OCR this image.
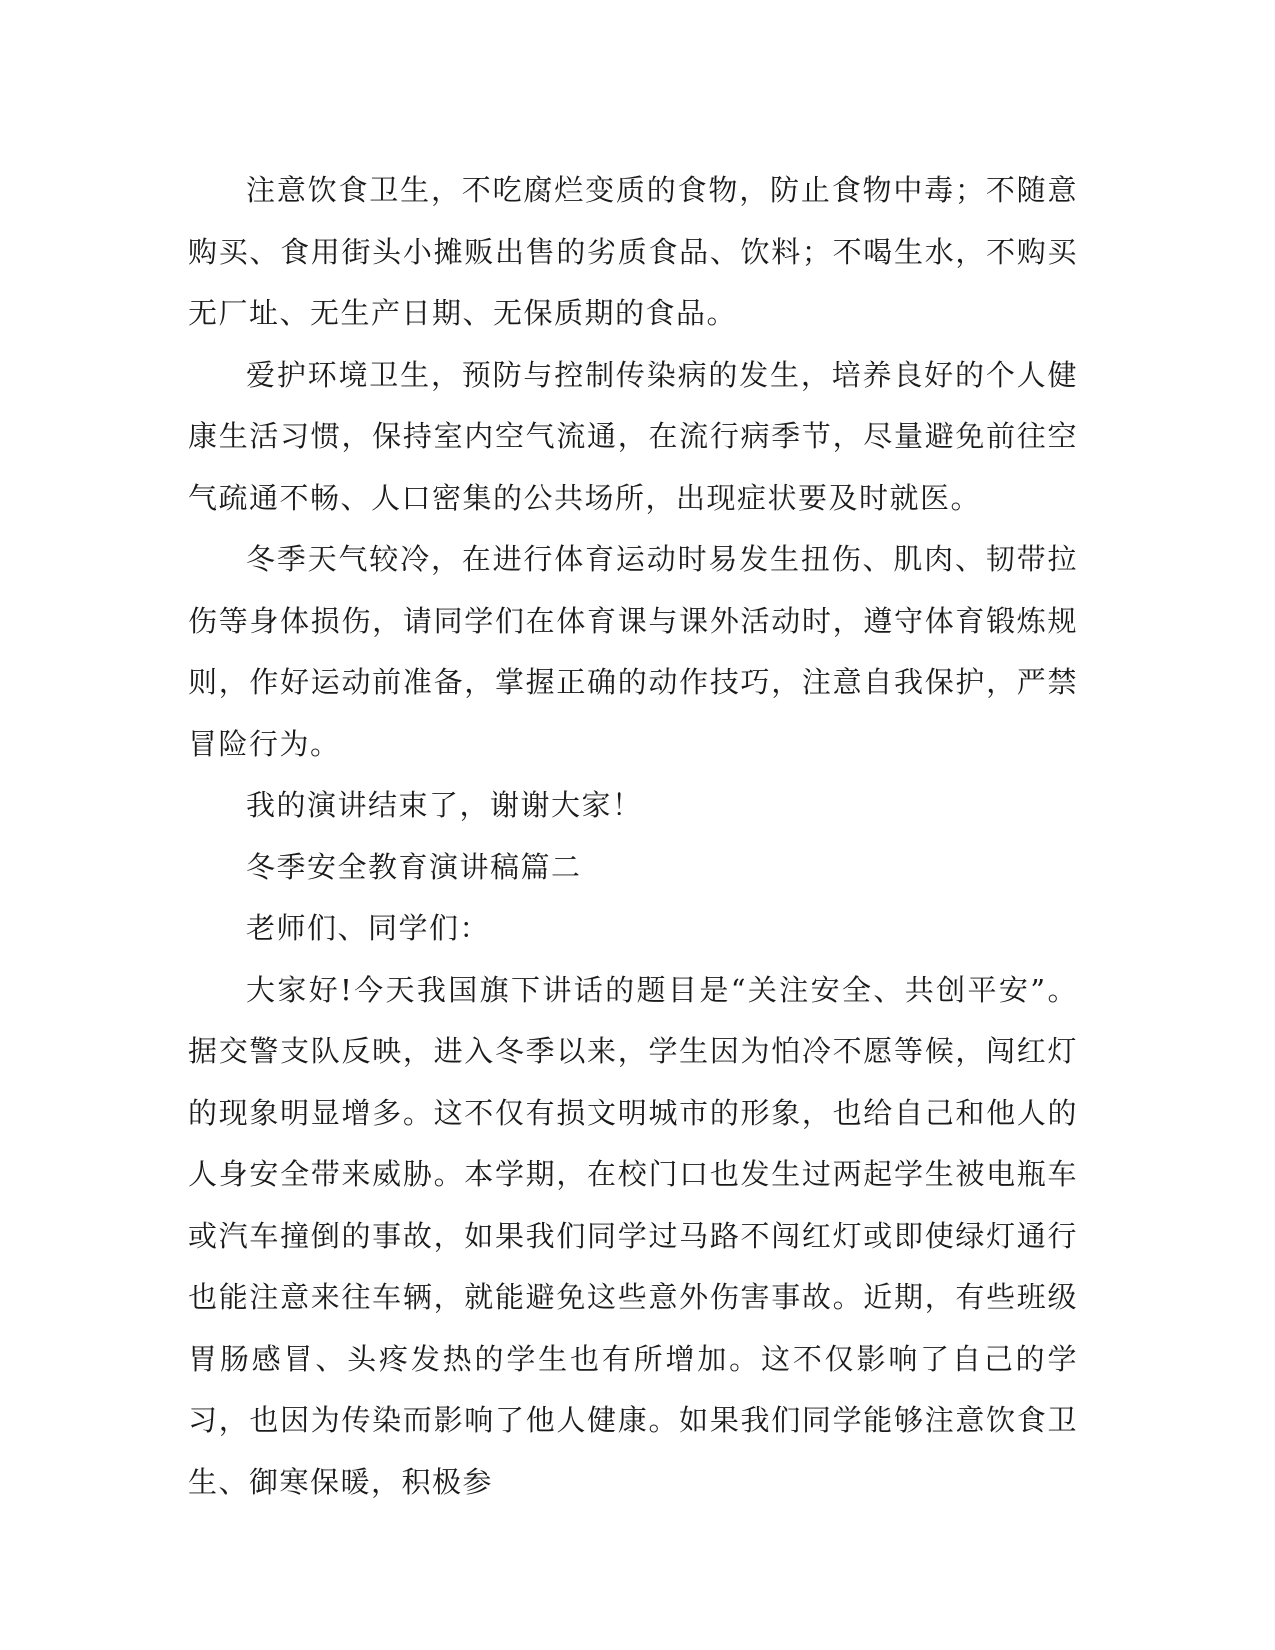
注意饮食卫生，不吃腐烂变质的食物，防止食物中毒；不随意购买、食用街头小摊贩出售的劣质食品、饮料；不喝生水，不购买无厂址、无生产日期、无保质期的食品。

爱护环境卫生，预防与控制传染病的发生，培养良好的个人健康生活习惯，保持室内空气流通，在流行病季节，尽量避免前往空气疏通不畅、人口密集的公共场所，出现症状要及时就医。

冬季天气较冷，在进行体育运动时易发生扭伤、肌肉、韧带拉伤等身体损伤，请同学们在体育课与课外活动时，遵守体育锻炼规则，作好运动前准备，掌握正确的动作技巧，注意自我保护，严禁冒险行为。

我的演讲结束了，谢谢大家！

冬季安全教育演讲稿篇二

老师们、同学们：

大家好!今天我国旗下讲话的题目是“关注安全、共创平安”。据交警支队反映，进入冬季以来，学生因为怕冷不愿等候，闯红灯的现象明显增多。这不仅有损文明城市的形象，也给自己和他人的人身安全带来威胁。本学期，在校门口也发生过两起学生被电瓶车或汽车撞倒的事故，如果我们同学过马路不闯红灯或即使绿灯通行也能注意来往车辆，就能避免这些意外伤害事故。近期，有些班级胃肠感冒、头疼发热的学生也有所增加。这不仅影响了自己的学习，也因为传染而影响了他人健康。如果我们同学能够注意饮食卫生、御寒保暖，积极参
